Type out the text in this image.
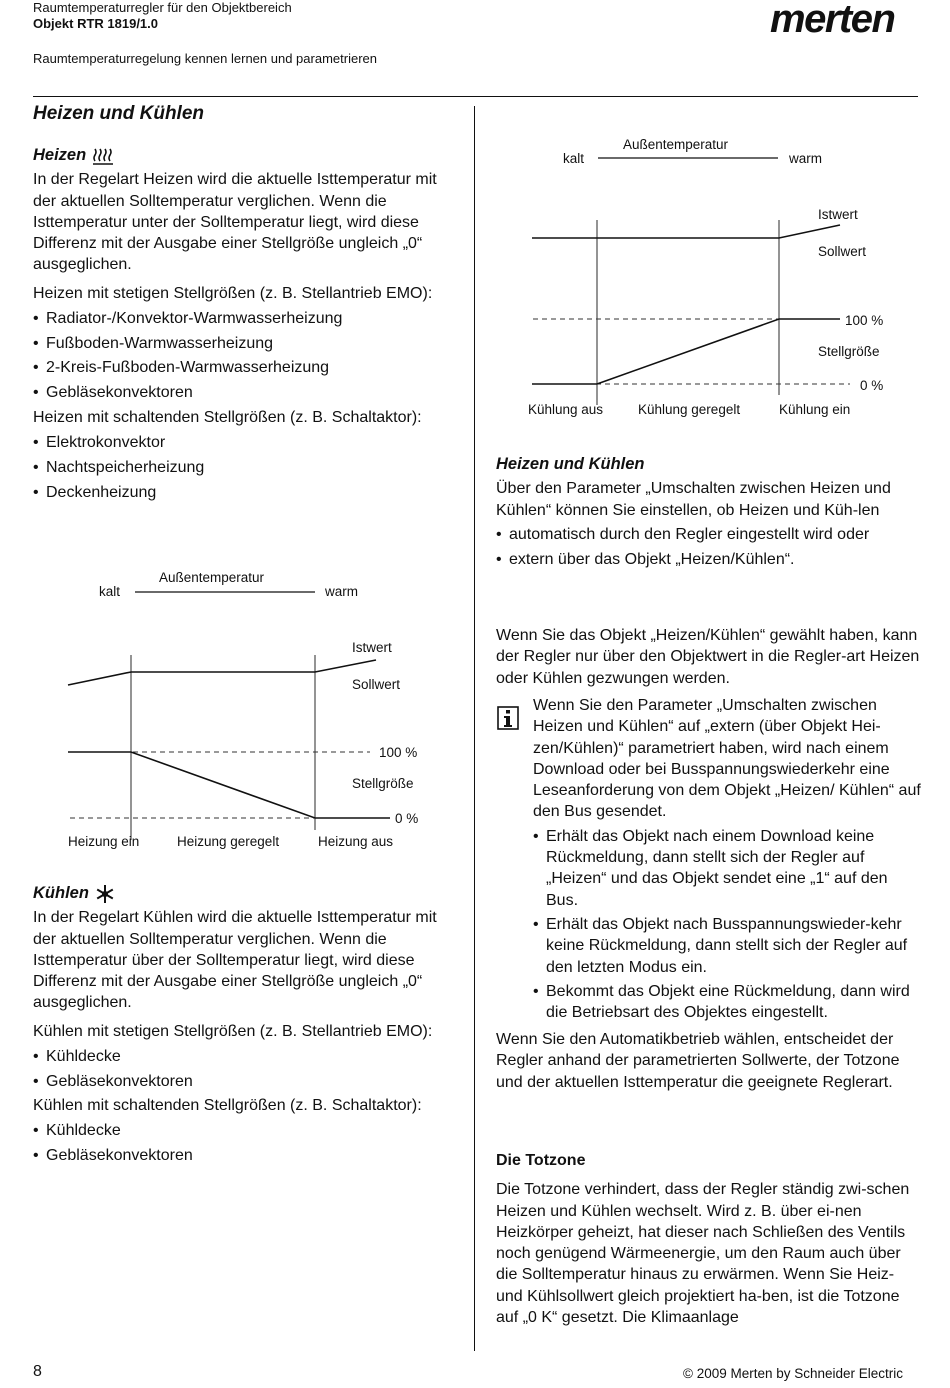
Raumtemperaturregler für den Objektbereich
Objekt RTR 1819/1.0
Raumtemperaturregelung kennen lernen und parametrieren
merten
Heizen und Kühlen
Heizen

In der Regelart Heizen wird die aktuelle Isttemperatur mit der aktuellen Solltemperatur verglichen. Wenn die Isttemperatur unter der Solltemperatur liegt, wird diese Differenz mit der Ausgabe einer Stellgröße ungleich „0“ ausgeglichen.

Heizen mit stetigen Stellgrößen (z. B. Stellantrieb EMO):

• Radiator-/Konvektor-Warmwasserheizung
• Fußboden-Warmwasserheizung
• 2-Kreis-Fußboden-Warmwasserheizung
• Gebläsekonvektoren

Heizen mit schaltenden Stellgrößen (z. B. Schaltaktor):

• Elektrokonvektor
• Nachtspeicherheizung
• Deckenheizung
kalt
Außentemperatur
warm
Istwert
Sollwert
100 %
Stellgröße
0 %
Heizung ein	Heizung geregelt	Heizung aus
Kühlen

In der Regelart Kühlen wird die aktuelle Isttemperatur mit der aktuellen Solltemperatur verglichen. Wenn die Isttemperatur über der Solltemperatur liegt, wird diese Differenz mit der Ausgabe einer Stellgröße ungleich „0“ ausgeglichen.

Kühlen mit stetigen Stellgrößen (z. B. Stellantrieb EMO):

• Kühldecke
• Gebläsekonvektoren

Kühlen mit schaltenden Stellgrößen (z. B. Schaltaktor):

• Kühldecke
• Gebläsekonvektoren
kalt
Außentemperatur
warm
Istwert
Sollwert
100 %
Stellgröße
0 %
Kühlung aus	Kühlung geregelt	Kühlung ein
Heizen und Kühlen

Über den Parameter „Umschalten zwischen Heizen und Kühlen“ können Sie einstellen, ob Heizen und Küh-len

• automatisch durch den Regler eingestellt wird oder
• extern über das Objekt „Heizen/Kühlen“.

Wenn Sie das Objekt „Heizen/Kühlen“ gewählt haben, kann der Regler nur über den Objektwert in die Regler-art Heizen oder Kühlen gezwungen werden.

Wenn Sie den Parameter „Umschalten zwischen Heizen und Kühlen“ auf „extern (über Objekt Hei-zen/Kühlen)“ parametriert haben, wird nach einem Download oder bei Busspannungswiederkehr eine Leseanforderung von dem Objekt „Heizen/ Kühlen“ auf den Bus gesendet.

• Erhält das Objekt nach einem Download keine Rückmeldung, dann stellt sich der Regler auf „Heizen“ und das Objekt sendet eine „1“ auf den Bus.
• Erhält das Objekt nach Busspannungswieder-kehr keine Rückmeldung, dann stellt sich der Regler auf den letzten Modus ein.
• Bekommt das Objekt eine Rückmeldung, dann wird die Betriebsart des Objektes eingestellt.

Wenn Sie den Automatikbetrieb wählen, entscheidet der Regler anhand der parametrierten Sollwerte, der Totzone und der aktuellen Isttemperatur die geeignete Reglerart.

Die Totzone

Die Totzone verhindert, dass der Regler ständig zwi-schen Heizen und Kühlen wechselt. Wird z. B. über ei-nen Heizkörper geheizt, hat dieser nach Schließen des Ventils noch genügend Wärmeenergie, um den Raum auch über die Solltemperatur hinaus zu erwärmen. Wenn Sie Heiz- und Kühlsollwert gleich projektiert ha-ben, ist die Totzone auf „0 K“ gesetzt. Die Klimaanlage

8	© 2009 Merten by Schneider Electric
